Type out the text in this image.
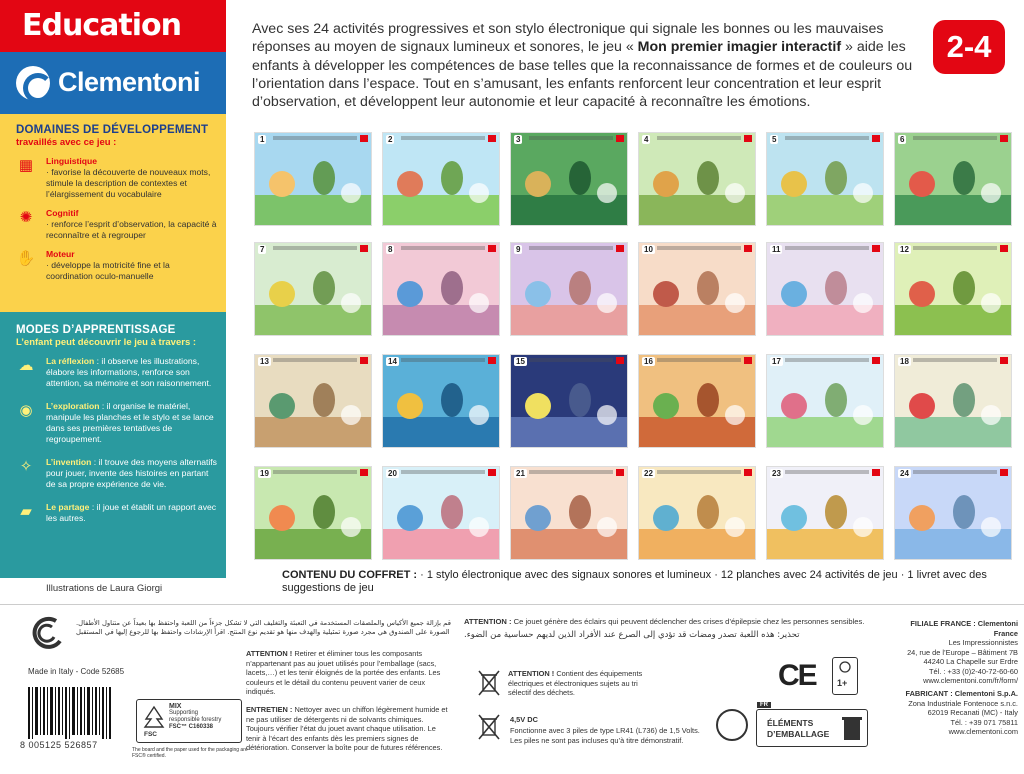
Education
Clementoni
DOMAINES DE DÉVELOPPEMENT
travaillés avec ce jeu :
▦	Linguistique
· favorise la découverte de nouveaux mots, stimule la description de contextes et l’élargissement du vocabulaire
✺	Cognitif
· renforce l’esprit d’observation, la capacité à reconnaître et à regrouper
✋ Moteur
· développe la motricité fine et la coordination oculo-manuelle
MODES D’APPRENTISSAGE
L’enfant peut découvrir le jeu à travers :
☁ La réflexion : il observe les illustrations, élabore les informations, renforce son attention, sa mémoire et son raisonnement.
◉	L’exploration : il organise le matériel, manipule les planches et le stylo et se lance dans ses premières tentatives de regroupement.
✧	L’invention : il trouve des moyens alternatifs pour jouer, invente des histoires en partant de sa propre expérience de vie.
▰	Le partage : il joue et établit un rapport avec les autres.
Illustrations de Laura Giorgi
Avec ses 24 activités progressives et son stylo électronique qui signale les bonnes ou les mauvaises réponses au moyen de signaux lumineux et sonores, le jeu « Mon premier imagier interactif » aide les enfants à développer les compétences de base telles que la reconnaissance de formes et de couleurs ou l’orientation dans l’espace. Tout en s’amusant, les enfants renforcent leur concentration et leur esprit d’observation, et développent leur autonomie et leur capacité à reconnaître les émotions.
2-4
1	2	3	4	5	6
7	8	9	10	11	12
13	14	15	16	17	18
19	20	21	22	23	24
CONTENU DU COFFRET : · 1 stylo électronique avec des signaux sonores et lumineux · 12 planches avec 24 activités de jeu · 1 livret avec des suggestions de jeu
قم بإزالة جميع الأكياس والملصقات المستخدمة في التعبئة والتغليف التي لا تشكل جزءاً من اللعبة واحتفظ بها بعيداً عن متناول الأطفال. الصورة على الصندوق هي مجرد صورة تمثيلية والهدف منها هو تقديم نوع المنتج. اقرأ الإرشادات واحتفظ بها للرجوع إليها في المستقبل
Made in Italy - Code 52685
8 005125 526857
FSC
MIX
Supporting
responsible forestry
FSC™ C160338
The board and the paper used for the packaging are FSC® certified.
ATTENTION ! Retirer et éliminer tous les composants n’appartenant pas au jouet utilisés pour l’emballage (sacs, lacets,…) et les tenir éloignés de la portée des enfants. Les couleurs et le détail du contenu peuvent varier de ceux indiqués.
ENTRETIEN : Nettoyer avec un chiffon légèrement humide et ne pas utiliser de détergents ni de solvants chimiques. Toujours vérifier l’état du jouet avant chaque utilisation. Le tenir à l’écart des enfants dès les premiers signes de détérioration. Conserver la boîte pour de futures références.
ATTENTION : Ce jouet génère des éclairs qui peuvent déclencher des crises d’épilepsie chez les personnes sensibles.
تحذير: هذه اللعبة تصدر ومضات قد تؤدي إلى الصرع عند الأفراد الذين لديهم حساسية من الضوء.
ATTENTION ! Contient des équipements électriques et électroniques sujets au tri sélectif des déchets.
4,5V DC
Fonctionne avec 3 piles de type LR41 (L736) de 1,5 Volts. Les piles ne sont pas incluses qu’à titre démonstratif.
CE 1+
FR
ÉLÉMENTS
D’EMBALLAGE
FILIALE FRANCE : Clementoni France
Les Impressionnistes
24, rue de l’Europe – Bâtiment 7B
44240 La Chapelle sur Erdre
Tél. : +33 (0)2-40-72-60-60
www.clementoni.com/fr/form/
FABRICANT : Clementoni S.p.A.
Zona Industriale Fontenoce s.n.c.
62019 Recanati (MC) - Italy
Tél. : +39 071 75811
www.clementoni.com
